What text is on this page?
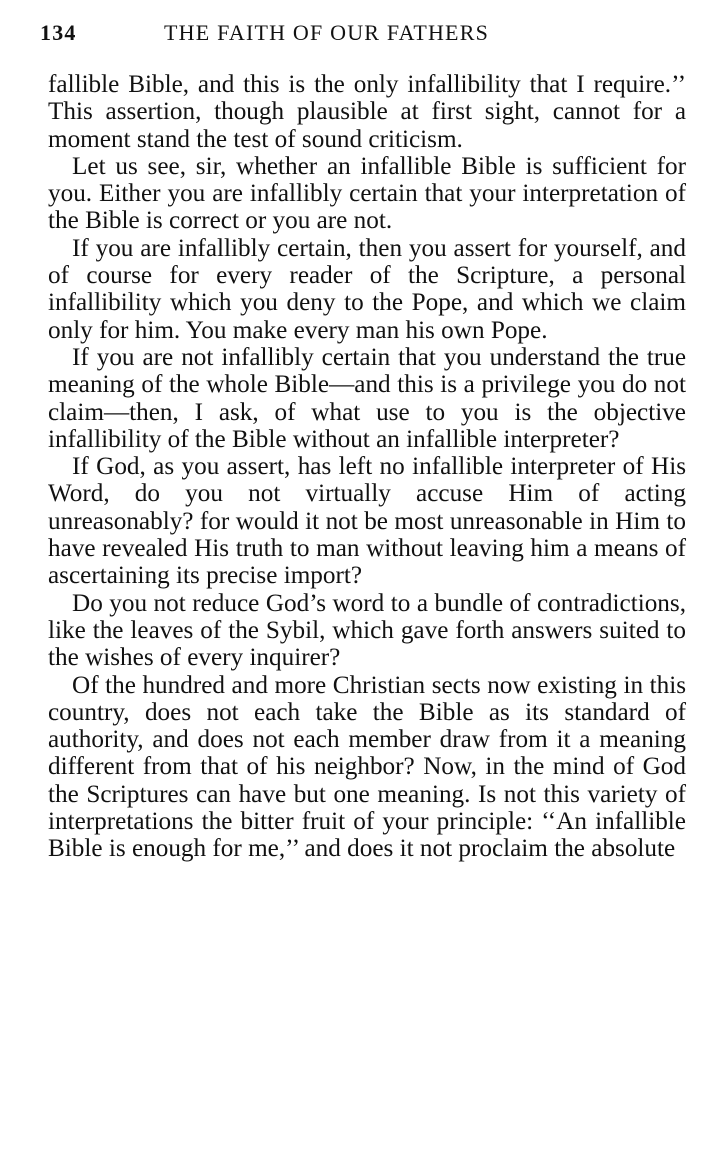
134	THE FAITH OF OUR FATHERS

fallible Bible, and this is the only infallibility that I require.’’ This assertion, though plausible at first sight, cannot for a moment stand the test of sound criticism.

Let us see, sir, whether an infallible Bible is sufficient for you. Either you are infallibly certain that your interpretation of the Bible is correct or you are not.

If you are infallibly certain, then you assert for yourself, and of course for every reader of the Scripture, a personal infallibility which you deny to the Pope, and which we claim only for him. You make every man his own Pope.

If you are not infallibly certain that you understand the true meaning of the whole Bible—and this is a privilege you do not claim—then, I ask, of what use to you is the objective infallibility of the Bible without an infallible interpreter?

If God, as you assert, has left no infallible interpreter of His Word, do you not virtually accuse Him of acting unreasonably? for would it not be most unreasonable in Him to have revealed His truth to man without leaving him a means of ascertaining its precise import?

Do you not reduce God’s word to a bundle of contradictions, like the leaves of the Sybil, which gave forth answers suited to the wishes of every inquirer?

Of the hundred and more Christian sects now existing in this country, does not each take the Bible as its standard of authority, and does not each member draw from it a meaning different from that of his neighbor? Now, in the mind of God the Scriptures can have but one meaning. Is not this variety of interpretations the bitter fruit of your principle: ‘‘An infallible Bible is enough for me,’’ and does it not proclaim the absolute
